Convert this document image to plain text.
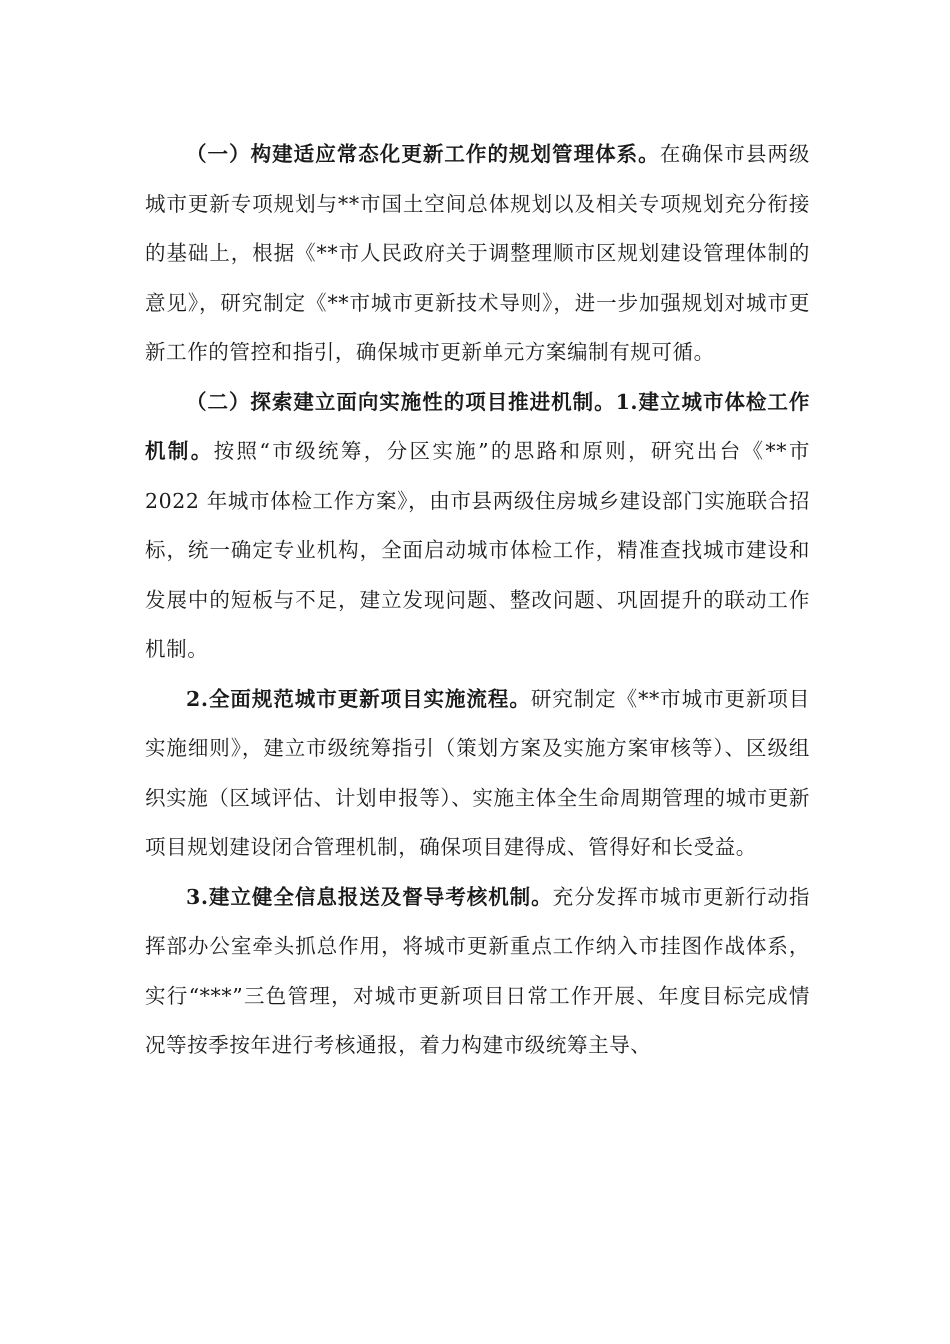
（一）构建适应常态化更新工作的规划管理体系。在确保市县两级城市更新专项规划与**市国土空间总体规划以及相关专项规划充分衔接的基础上，根据《**市人民政府关于调整理顺市区规划建设管理体制的意见》，研究制定《**市城市更新技术导则》，进一步加强规划对城市更新工作的管控和指引，确保城市更新单元方案编制有规可循。

（二）探索建立面向实施性的项目推进机制。1.建立城市体检工作机制。按照“市级统筹，分区实施”的思路和原则，研究出台《**市 2022 年城市体检工作方案》，由市县两级住房城乡建设部门实施联合招标，统一确定专业机构，全面启动城市体检工作，精准查找城市建设和发展中的短板与不足，建立发现问题、整改问题、巩固提升的联动工作机制。

2.全面规范城市更新项目实施流程。研究制定《**市城市更新项目实施细则》，建立市级统筹指引（策划方案及实施方案审核等）、区级组织实施（区域评估、计划申报等）、实施主体全生命周期管理的城市更新项目规划建设闭合管理机制，确保项目建得成、管得好和长受益。

3.建立健全信息报送及督导考核机制。充分发挥市城市更新行动指挥部办公室牵头抓总作用，将城市更新重点工作纳入市挂图作战体系，实行“***”三色管理，对城市更新项目日常工作开展、年度目标完成情况等按季按年进行考核通报，着力构建市级统筹主导、
